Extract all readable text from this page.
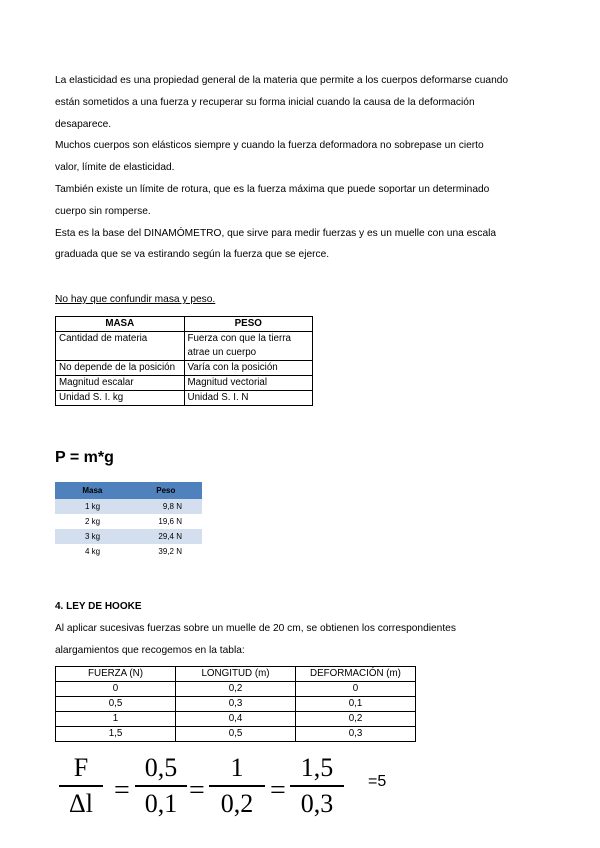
La elasticidad es una propiedad general de la materia que permite a los cuerpos deformarse cuando

están sometidos a una fuerza y recuperar su forma inicial cuando la causa de la deformación

desaparece.

Muchos cuerpos son elásticos siempre y cuando la fuerza deformadora no sobrepase un cierto

valor, límite de elasticidad.

También existe un límite de rotura, que es la fuerza máxima que puede soportar un determinado

cuerpo sin romperse.

Esta es la base del DINAMÓMETRO, que sirve para medir fuerzas y es un muelle con una escala

graduada que se va estirando según la fuerza que se ejerce.

No hay que confundir masa y peso.
MASA	PESO
Cantidad de materia	Fuerza con que la tierra atrae un cuerpo
No depende de la posición	Varía con la posición
Magnitud escalar	Magnitud vectorial
Unidad S. I. kg	Unidad S. I. N
P = m*g
Masa	Peso
1 kg	9,8 N
2 kg	19,6 N
3 kg	29,4 N
4 kg	39,2 N
4. LEY DE HOOKE

Al aplicar sucesivas fuerzas sobre un muelle de 20 cm, se obtienen los correspondientes

alargamientos que recogemos en la tabla:

FUERZA (N)	LONGITUD (m)	DEFORMACIÓN (m)
0	0,2	0
0,5	0,3	0,1
1	0,4	0,2
1,5	0,5	0,3
F
Δl =
0,5
0,1 =
1
0,2 =
1,5
0,3
=5
